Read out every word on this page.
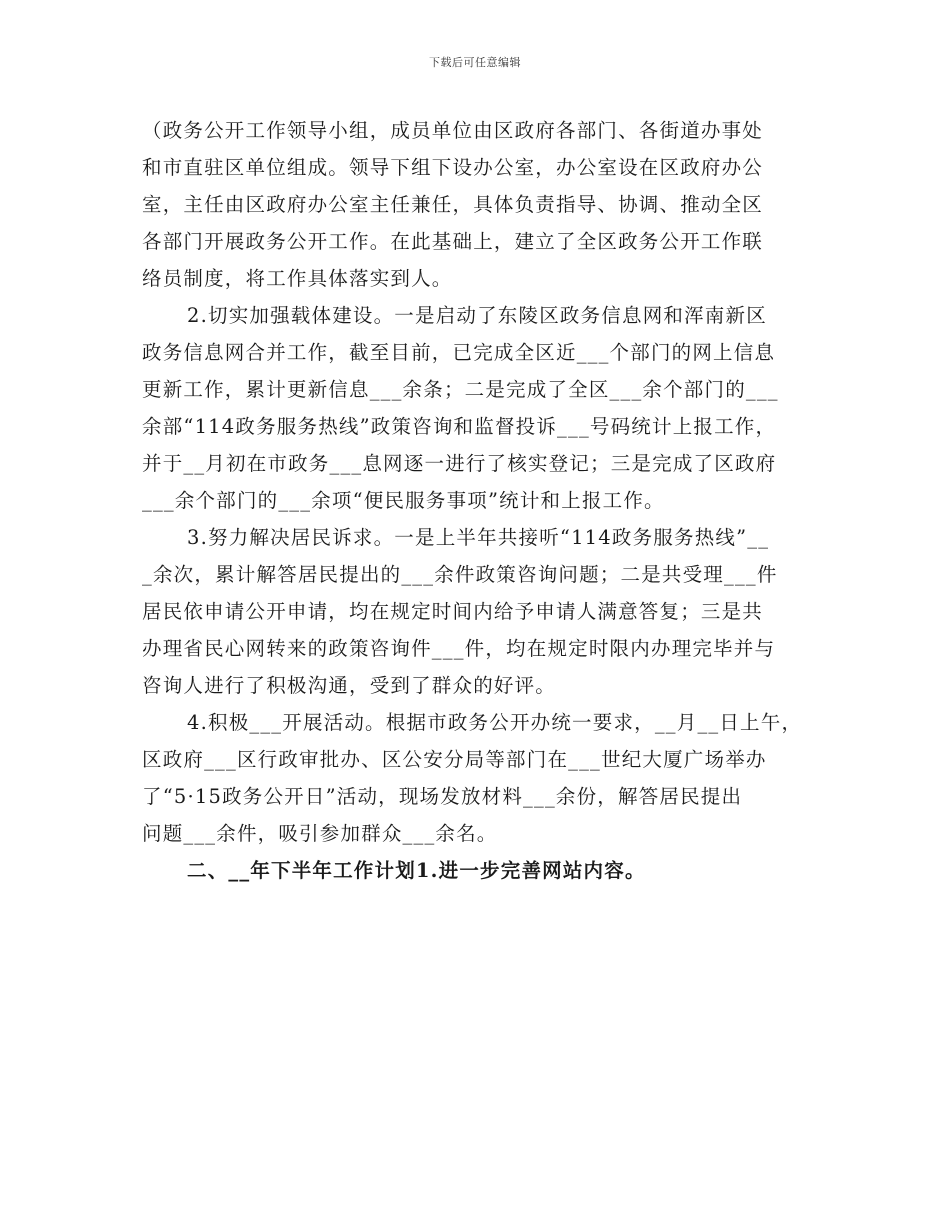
下载后可任意编辑
（政务公开工作领导小组，成员单位由区政府各部门、各街道办事处
和市直驻区单位组成。领导下组下设办公室，办公室设在区政府办公
室，主任由区政府办公室主任兼任，具体负责指导、协调、推动全区
各部门开展政务公开工作。在此基础上，建立了全区政务公开工作联
络员制度，将工作具体落实到人。
2.切实加强载体建设。一是启动了东陵区政务信息网和浑南新区
政务信息网合并工作，截至目前，已完成全区近___个部门的网上信息
更新工作，累计更新信息___余条；二是完成了全区___余个部门的___
余部“114政务服务热线”政策咨询和监督投诉___号码统计上报工作，
并于__月初在市政务___息网逐一进行了核实登记；三是完成了区政府
___余个部门的___余项“便民服务事项”统计和上报工作。
3.努力解决居民诉求。一是上半年共接听“114政务服务热线”__
_余次，累计解答居民提出的___余件政策咨询问题；二是共受理___件
居民依申请公开申请，均在规定时间内给予申请人满意答复；三是共
办理省民心网转来的政策咨询件___件，均在规定时限内办理完毕并与
咨询人进行了积极沟通，受到了群众的好评。
4.积极___开展活动。根据市政务公开办统一要求，__月__日上午，
区政府___区行政审批办、区公安分局等部门在___世纪大厦广场举办
了“5·15政务公开日”活动，现场发放材料___余份，解答居民提出
问题___余件，吸引参加群众___余名。
二、__年下半年工作计划1.进一步完善网站内容。
